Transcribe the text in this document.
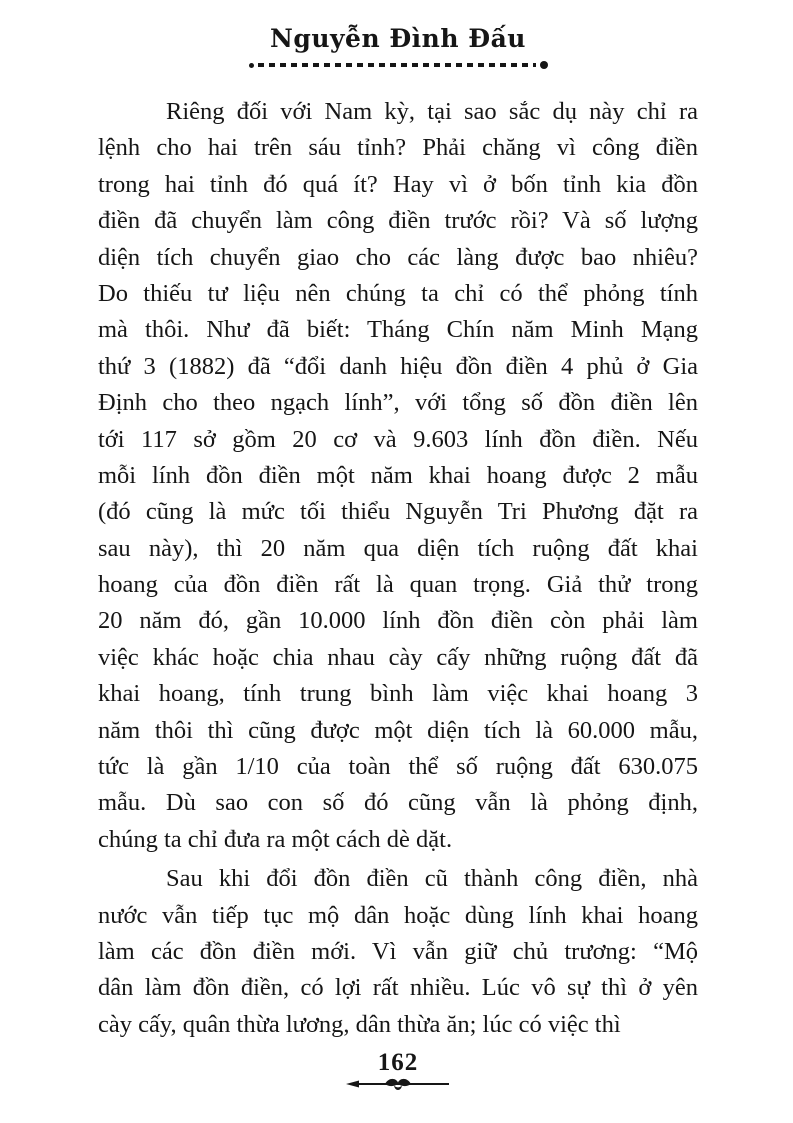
Nguyễn Đình Đấu
Riêng đối với Nam kỳ, tại sao sắc dụ này chỉ ra
lệnh cho hai trên sáu tỉnh? Phải chăng vì công điền
trong hai tỉnh đó quá ít? Hay vì ở bốn tỉnh kia đồn
điền đã chuyển làm công điền trước rồi? Và số lượng
diện tích chuyển giao cho các làng được bao nhiêu?
Do thiếu tư liệu nên chúng ta chỉ có thể phỏng tính
mà thôi. Như đã biết: Tháng Chín năm Minh Mạng
thứ 3 (1882) đã “đổi danh hiệu đồn điền 4 phủ ở Gia
Định cho theo ngạch lính”, với tổng số đồn điền lên
tới 117 sở gồm 20 cơ và 9.603 lính đồn điền. Nếu
mỗi lính đồn điền một năm khai hoang được 2 mẫu
(đó cũng là mức tối thiểu Nguyễn Tri Phương đặt ra
sau này), thì 20 năm qua diện tích ruộng đất khai
hoang của đồn điền rất là quan trọng. Giả thử trong
20 năm đó, gần 10.000 lính đồn điền còn phải làm
việc khác hoặc chia nhau cày cấy những ruộng đất đã
khai hoang, tính trung bình làm việc khai hoang 3
năm thôi thì cũng được một diện tích là 60.000 mẫu,
tức là gần 1/10 của toàn thể số ruộng đất 630.075
mẫu. Dù sao con số đó cũng vẫn là phỏng định,
chúng ta chỉ đưa ra một cách dè dặt.
Sau khi đổi đồn điền cũ thành công điền, nhà
nước vẫn tiếp tục mộ dân hoặc dùng lính khai hoang
làm các đồn điền mới. Vì vẫn giữ chủ trương: “Mộ
dân làm đồn điền, có lợi rất nhiều. Lúc vô sự thì ở yên
cày cấy, quân thừa lương, dân thừa ăn; lúc có việc thì
162
